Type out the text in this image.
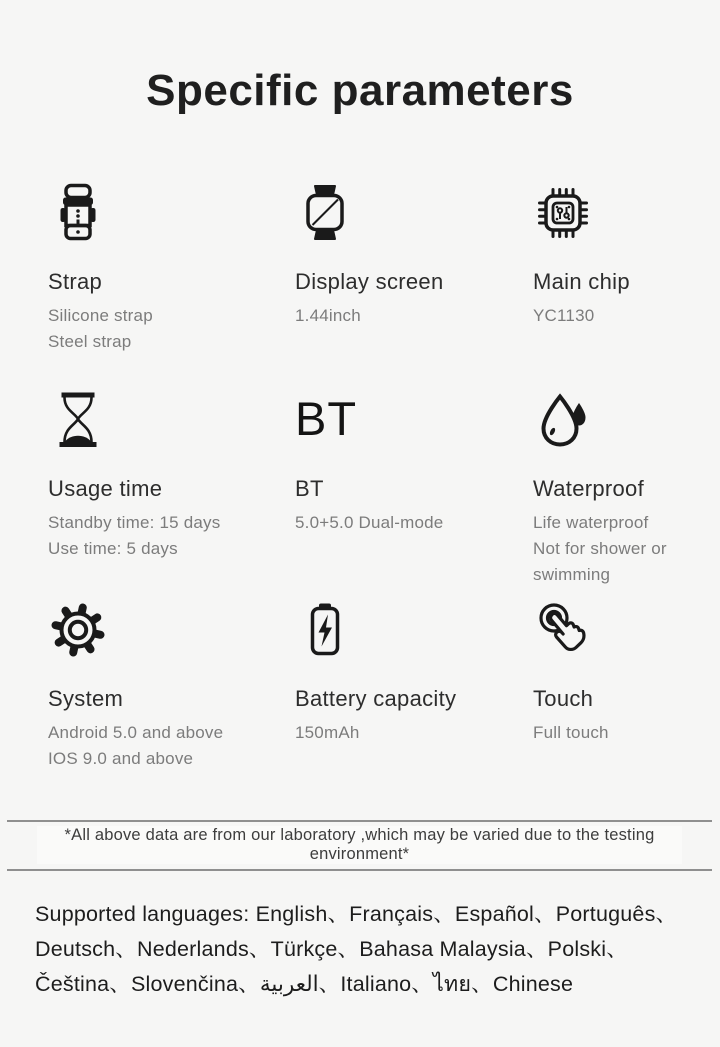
Specific parameters
Strap
Silicone strap
Steel strap
Display screen
1.44inch
Main chip
YC1130
Usage time
Standby time: 15 days
Use time: 5 days
BT
BT
5.0+5.0 Dual-mode
Waterproof
Life waterproof
Not for shower or swimming
System
Android 5.0 and above
IOS 9.0 and above
Battery capacity
150mAh
Touch
Full touch
*All above data are from our laboratory ,which may be varied due to the testing environment*
Supported languages: English、Français、Español、Português、Deutsch、Nederlands、Türkçe、Bahasa Malaysia、Polski、Čeština、Slovenčina、العربية、Italiano、ไทย、Chinese
